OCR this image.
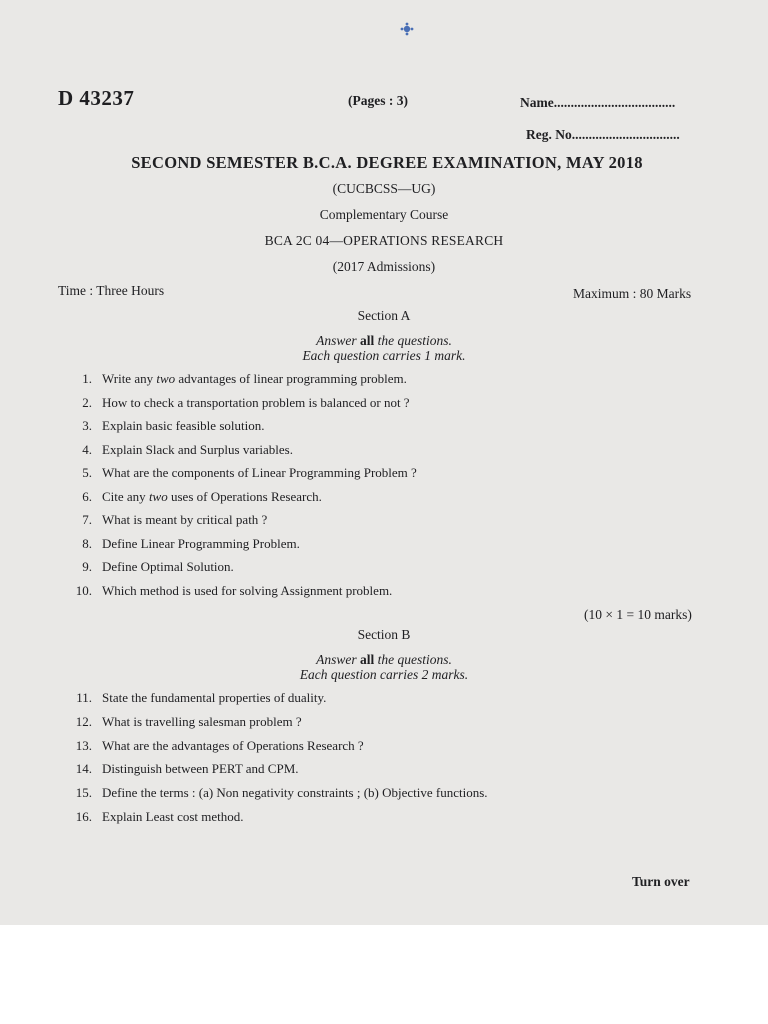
D 43237	(Pages : 3)	Name....................................
Reg. No................................
SECOND SEMESTER B.C.A. DEGREE EXAMINATION, MAY 2018
(CUCBCSS—UG)
Complementary Course
BCA 2C 04—OPERATIONS RESEARCH
(2017 Admissions)
Time : Three Hours	Maximum : 80 Marks
Section A
Answer all the questions.
Each question carries 1 mark.
1. Write any two advantages of linear programming problem.
2. How to check a transportation problem is balanced or not ?
3. Explain basic feasible solution.
4. Explain Slack and Surplus variables.
5. What are the components of Linear Programming Problem ?
6. Cite any two uses of Operations Research.
7. What is meant by critical path ?
8. Define Linear Programming Problem.
9. Define Optimal Solution.
10. Which method is used for solving Assignment problem.
(10 × 1 = 10 marks)
Section B
Answer all the questions.
Each question carries 2 marks.
11. State the fundamental properties of duality.
12. What is travelling salesman problem ?
13. What are the advantages of Operations Research ?
14. Distinguish between PERT and CPM.
15. Define the terms : (a) Non negativity constraints ; (b) Objective functions.
16. Explain Least cost method.
Turn over
